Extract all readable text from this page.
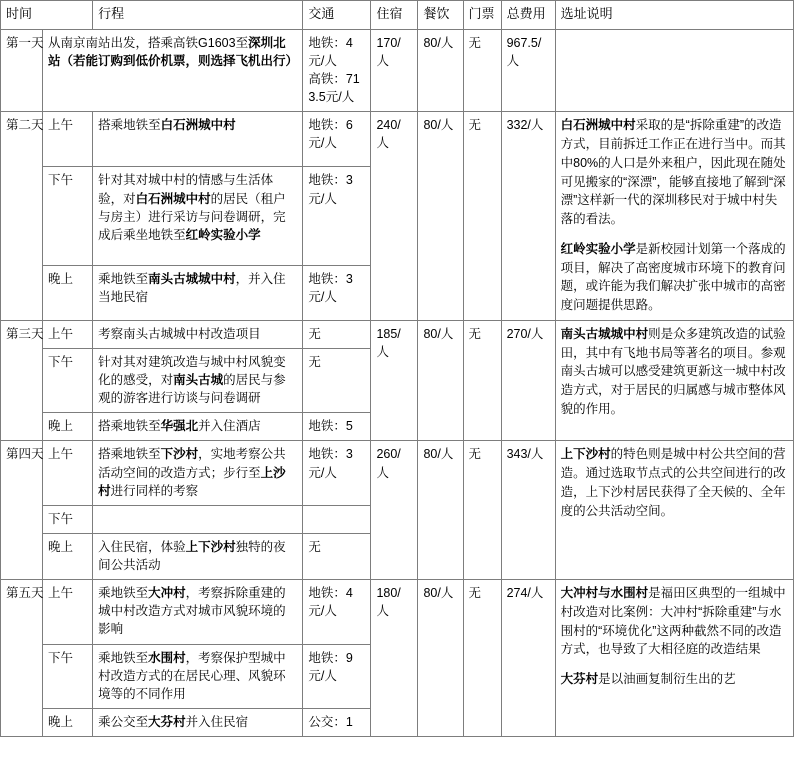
时间		行程	交通	住宿	餐饮	门票	总费用	选址说明
第一天	从南京南站出发，搭乘高铁G1603至深圳北站（若能订购到低价机票，则选择飞机出行）		地铁：4元/人
高铁：713.5元/人	170/人	80/人	无	967.5/人	
第二天	上午	搭乘地铁至白石洲城中村	地铁：6元/人	240/人	80/人	无	332/人	白石洲城中村采取的是“拆除重建”的改造方式，目前拆迁工作正在进行当中。而其中80%的人口是外来租户，因此现在随处可见搬家的“深漂”，能够直接地了解到“深漂”这样新一代的深圳移民对于城中村失落的看法。
红岭实验小学是新校园计划第一个落成的项目，解决了高密度城市环境下的教育问题，或许能为我们解决扩张中城市的高密度问题提供思路。

	下午	针对其对城中村的情感与生活体验，对白石洲城中村的居民（租户与房主）进行采访与问卷调研，完成后乘坐地铁至红岭实验小学	地铁：3元/人					
	晚上	乘地铁至南头古城城中村，并入住当地民宿	地铁：3元/人					
第三天	上午	考察南头古城城中村改造项目	无	185/人	80/人	无	270/人	南头古城城中村则是众多建筑改造的试验田，其中有飞地书局等著名的项目。参观南头古城可以感受建筑更新这一城中村改造方式，对于居民的归属感与城市整体风貌的作用。

	下午	针对其对建筑改造与城中村风貌变化的感受，对南头古城的居民与参观的游客进行访谈与问卷调研	无					
	晚上	搭乘地铁至华强北并入住酒店	地铁：5					
第四天	上午	搭乘地铁至下沙村，实地考察公共活动空间的改造方式；步行至上沙村进行同样的考察	地铁：3元/人	260/人	80/人	无	343/人	上下沙村的特色则是城中村公共空间的营造。通过选取节点式的公共空间进行的改造，上下沙村居民获得了全天候的、全年度的公共活动空间。

	下午							
	晚上	入住民宿，体验上下沙村独特的夜间公共活动	无					
第五天	上午	乘地铁至大冲村，考察拆除重建的城中村改造方式对城市风貌环境的影响	地铁：4元/人	180/人	80/人	无	274/人	大冲村与水围村是福田区典型的一组城中村改造对比案例：大冲村“拆除重建”与水围村的“环境优化”这两种截然不同的改造方式，也导致了大相径庭的改造结果
大芬村是以油画复制衍生出的艺

	下午	乘地铁至水围村，考察保护型城中村改造方式的在居民心理、风貌环境等的不同作用	地铁：9元/人					
	晚上	乘公交至大芬村并入住民宿	公交：1					
